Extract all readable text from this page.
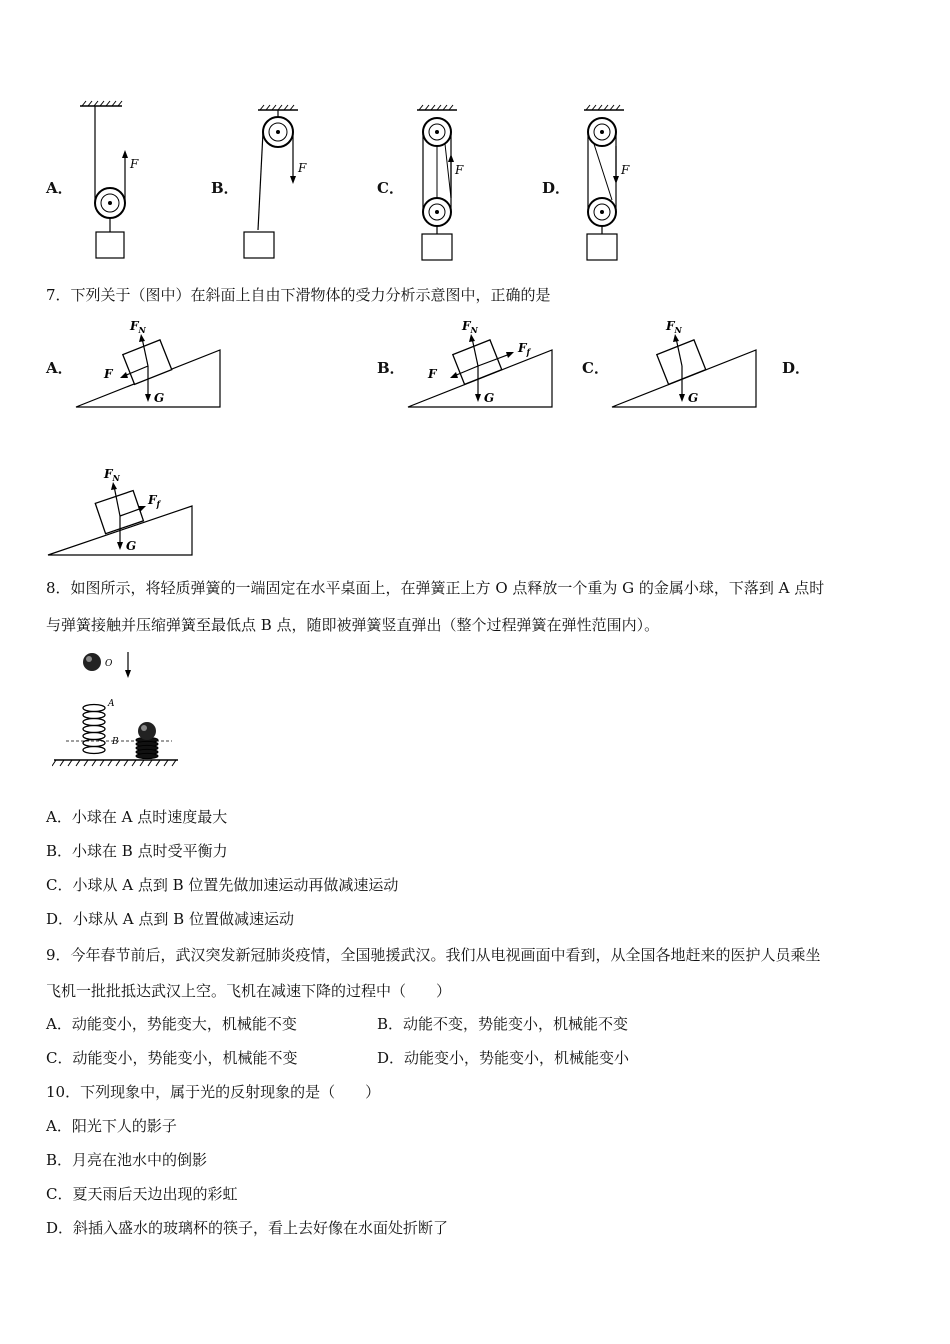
A．	B．	C．	D．
F	F	F	F
7．下列关于（图中）在斜面上自由下滑物体的受力分析示意图中，正确的是
A．	B．	C．	D．
$F_N$
F
G
$F_N$
$F_f$
F
G
$F_N$
G
$F_N$
$F_f$
G
8．如图所示，将轻质弹簧的一端固定在水平桌面上，在弹簧正上方 O 点释放一个重为 G 的金属小球，下落到 A 点时
与弹簧接触并压缩弹簧至最低点 B 点，随即被弹簧竖直弹出（整个过程弹簧在弹性范围内）。
O
A
B
A．小球在 A 点时速度最大
B．小球在 B 点时受平衡力
C．小球从 A 点到 B 位置先做加速运动再做减速运动
D．小球从 A 点到 B 位置做减速运动
9．今年春节前后，武汉突发新冠肺炎疫情，全国驰援武汉。我们从电视画面中看到，从全国各地赶来的医护人员乘坐
飞机一批批抵达武汉上空。飞机在减速下降的过程中（　　）
A．动能变小，势能变大，机械能不变	B．动能不变，势能变小，机械能不变
C．动能变小，势能变小，机械能不变	D．动能变小，势能变小，机械能变小
10．下列现象中，属于光的反射现象的是（　　）
A．阳光下人的影子
B．月亮在池水中的倒影
C．夏天雨后天边出现的彩虹
D．斜插入盛水的玻璃杯的筷子，看上去好像在水面处折断了
